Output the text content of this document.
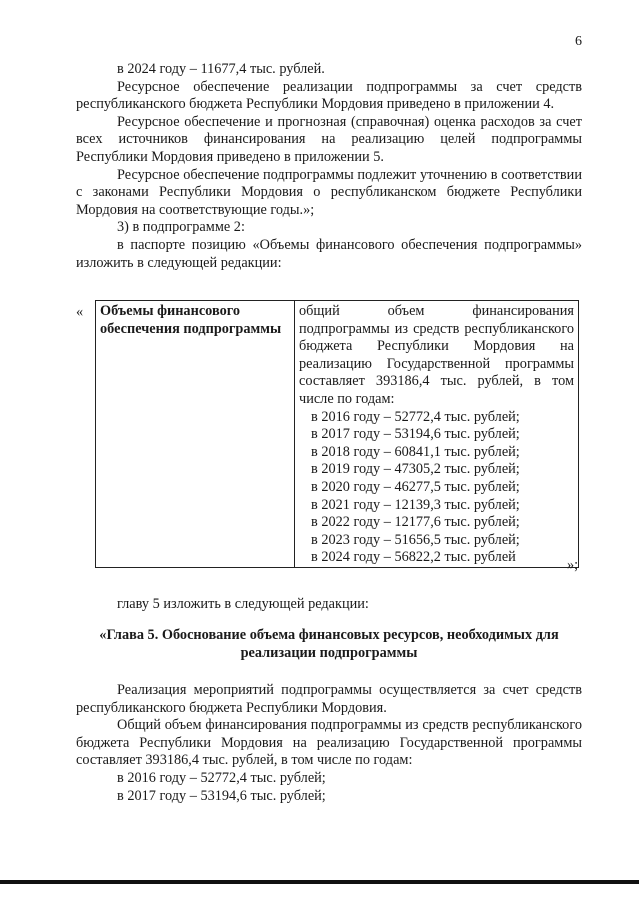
6

в 2024 году – 11677,4 тыс. рублей.

Ресурсное обеспечение реализации подпрограммы за счет средств республиканского бюджета Республики Мордовия приведено в приложении 4.

Ресурсное обеспечение и прогнозная (справочная) оценка расходов за счет всех источников финансирования на реализацию целей подпрограммы Республики Мордовия приведено в приложении 5.

Ресурсное обеспечение подпрограммы подлежит уточнению в соответствии с законами Республики Мордовия о республиканском бюджете Республики Мордовия на соответствующие годы.»;

3) в подпрограмме 2:

в паспорте позицию «Объемы финансового обеспечения подпрограммы» изложить в следующей редакции:

« Объемы финансового обеспечения подпрограммы	общий объем финансирования подпрограммы из средств республиканского бюджета Республики Мордовия на реализацию Государственной программы составляет 393186,4 тыс. рублей, в том числе по годам:
в 2016 году – 52772,4 тыс. рублей;
в 2017 году – 53194,6 тыс. рублей;
в 2018 году – 60841,1 тыс. рублей;
в 2019 году – 47305,2 тыс. рублей;
в 2020 году – 46277,5 тыс. рублей;
в 2021 году – 12139,3 тыс. рублей;
в 2022 году – 12177,6 тыс. рублей;
в 2023 году – 51656,5 тыс. рублей;
в 2024 году – 56822,2 тыс. рублей	»;

главу 5 изложить в следующей редакции:

«Глава 5. Обоснование объема финансовых ресурсов, необходимых для реализации подпрограммы

Реализация мероприятий подпрограммы осуществляется за счет средств республиканского бюджета Республики Мордовия.

Общий объем финансирования подпрограммы из средств республиканского бюджета Республики Мордовия на реализацию Государственной программы составляет 393186,4 тыс. рублей, в том числе по годам:

в 2016 году – 52772,4 тыс. рублей;

в 2017 году – 53194,6 тыс. рублей;
